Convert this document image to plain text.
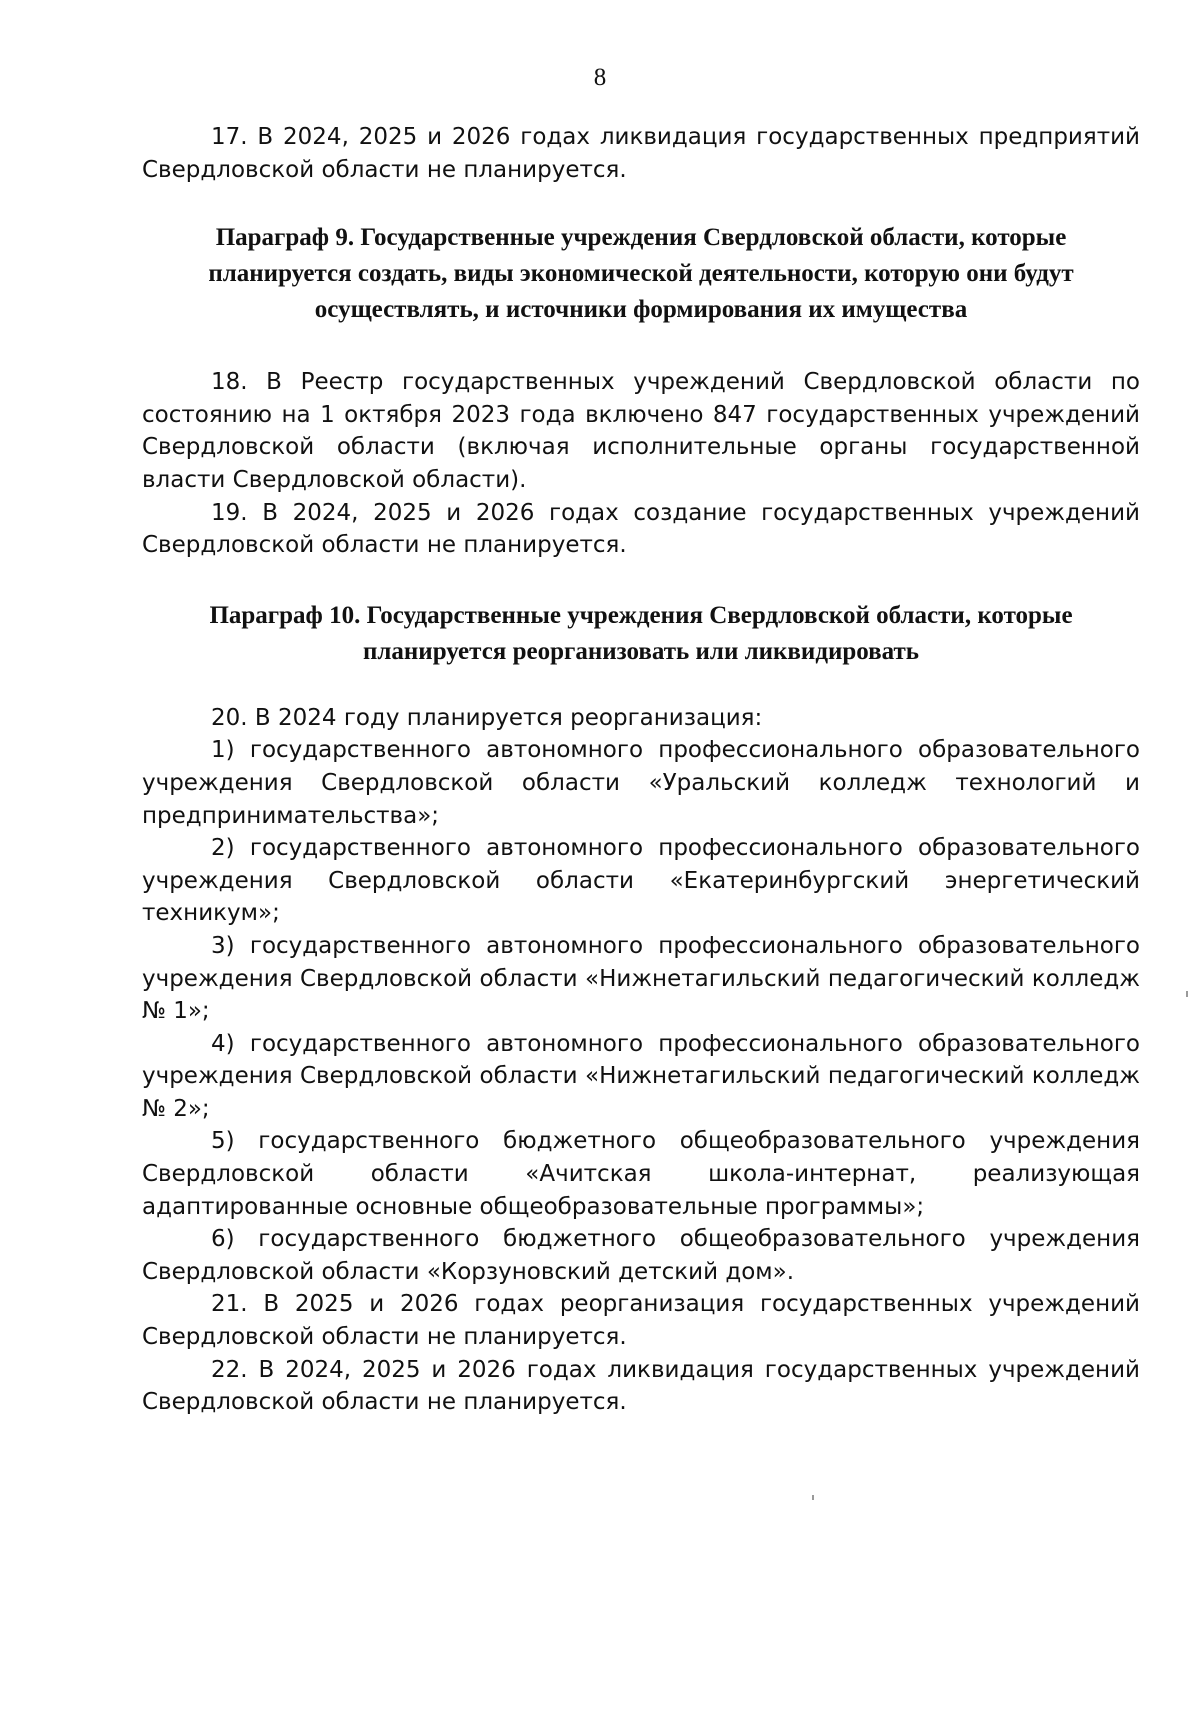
8

17. В 2024, 2025 и 2026 годах ликвидация государственных предприятий Свердловской области не планируется.

Параграф 9. Государственные учреждения Свердловской области, которые планируется создать, виды экономической деятельности, которую они будут осуществлять, и источники формирования их имущества

18. В Реестр государственных учреждений Свердловской области по состоянию на 1 октября 2023 года включено 847 государственных учреждений Свердловской области (включая исполнительные органы государственной власти Свердловской области).

19. В 2024, 2025 и 2026 годах создание государственных учреждений Свердловской области не планируется.

Параграф 10. Государственные учреждения Свердловской области, которые планируется реорганизовать или ликвидировать

20. В 2024 году планируется реорганизация:

1) государственного автономного профессионального образовательного учреждения Свердловской области «Уральский колледж технологий и предпринимательства»;

2) государственного автономного профессионального образовательного учреждения Свердловской области «Екатеринбургский энергетический техникум»;

3) государственного автономного профессионального образовательного учреждения Свердловской области «Нижнетагильский педагогический колледж № 1»;

4) государственного автономного профессионального образовательного учреждения Свердловской области «Нижнетагильский педагогический колледж № 2»;

5) государственного бюджетного общеобразовательного учреждения Свердловской области «Ачитская школа-интернат, реализующая адаптированные основные общеобразовательные программы»;

6) государственного бюджетного общеобразовательного учреждения Свердловской области «Корзуновский детский дом».

21. В 2025 и 2026 годах реорганизация государственных учреждений Свердловской области не планируется.

22. В 2024, 2025 и 2026 годах ликвидация государственных учреждений Свердловской области не планируется.
